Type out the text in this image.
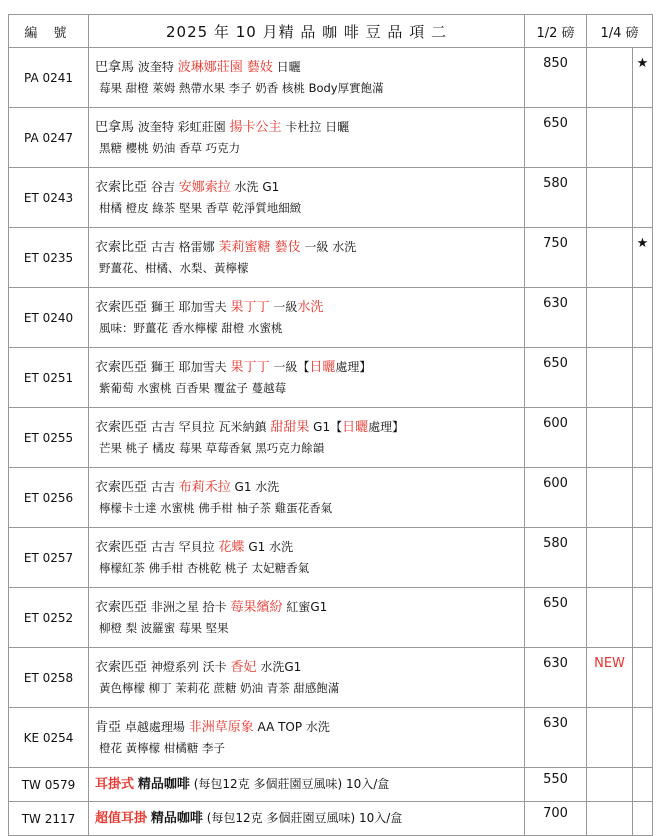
編 號	2025 年 10 月精 品 咖 啡 豆 品 項 二	1/2 磅	1/4 磅	
PA 0241	巴拿馬 波奎特 波琳娜莊園 藝妓 日曬
莓果 甜橙 萊姆 熱帶水果 李子 奶香 核桃 Body厚實飽滿	850		★
PA 0247	巴拿馬 波奎特 彩虹莊園 揚卡公主 卡杜拉 日曬
黑糖 櫻桃 奶油 香草 巧克力	650		
ET 0243	衣索比亞 谷吉 安娜索拉 水洗 G1
柑橘 橙皮 綠茶 堅果 香草 乾淨質地細緻	580		
ET 0235	衣索比亞 古吉 格雷娜 茉莉蜜糖 藝伎 一級 水洗
野薑花、柑橘、水梨、黃檸檬	750		★
ET 0240	衣索匹亞 獅王 耶加雪夫 果丁丁 一級水洗
風味：野薑花 香水檸檬 甜橙 水蜜桃	630		
ET 0251	衣索匹亞 獅王 耶加雪夫 果丁丁 一級【日曬處理】
紫葡萄 水蜜桃 百香果 覆盆子 蔓越莓	650		
ET 0255	衣索匹亞 古吉 罕貝拉 瓦米納鎮 甜甜果 G1【日曬處理】
芒果 桃子 橘皮 莓果 草莓香氣 黑巧克力餘韻	600		
ET 0256	衣索匹亞 古吉 布莉禾拉 G1 水洗
檸檬卡士達 水蜜桃 佛手柑 柚子茶 雞蛋花香氣	600		
ET 0257	衣索匹亞 古吉 罕貝拉 花蝶 G1 水洗
檸檬紅茶 佛手柑 杏桃乾 桃子 太妃糖香氣	580		
ET 0252	衣索匹亞 非洲之星 拾卡 莓果繽紛 紅蜜G1
柳橙 梨 波羅蜜 莓果 堅果	650		
ET 0258	衣索匹亞 神燈系列 沃卡 香妃 水洗G1
黃色檸檬 柳丁 茉莉花 蔗糖 奶油 青茶 甜感飽滿	630	NEW	
KE 0254	肯亞 卓越處理場 非洲草原象 AA TOP 水洗
橙花 黃檸檬 柑橘糖 李子	630		
TW 0579	耳掛式 精品咖啡 (每包12克 多個莊園豆風味) 10入/盒	550		
TW 2117	超值耳掛 精品咖啡 (每包12克 多個莊園豆風味) 10入/盒	700		
